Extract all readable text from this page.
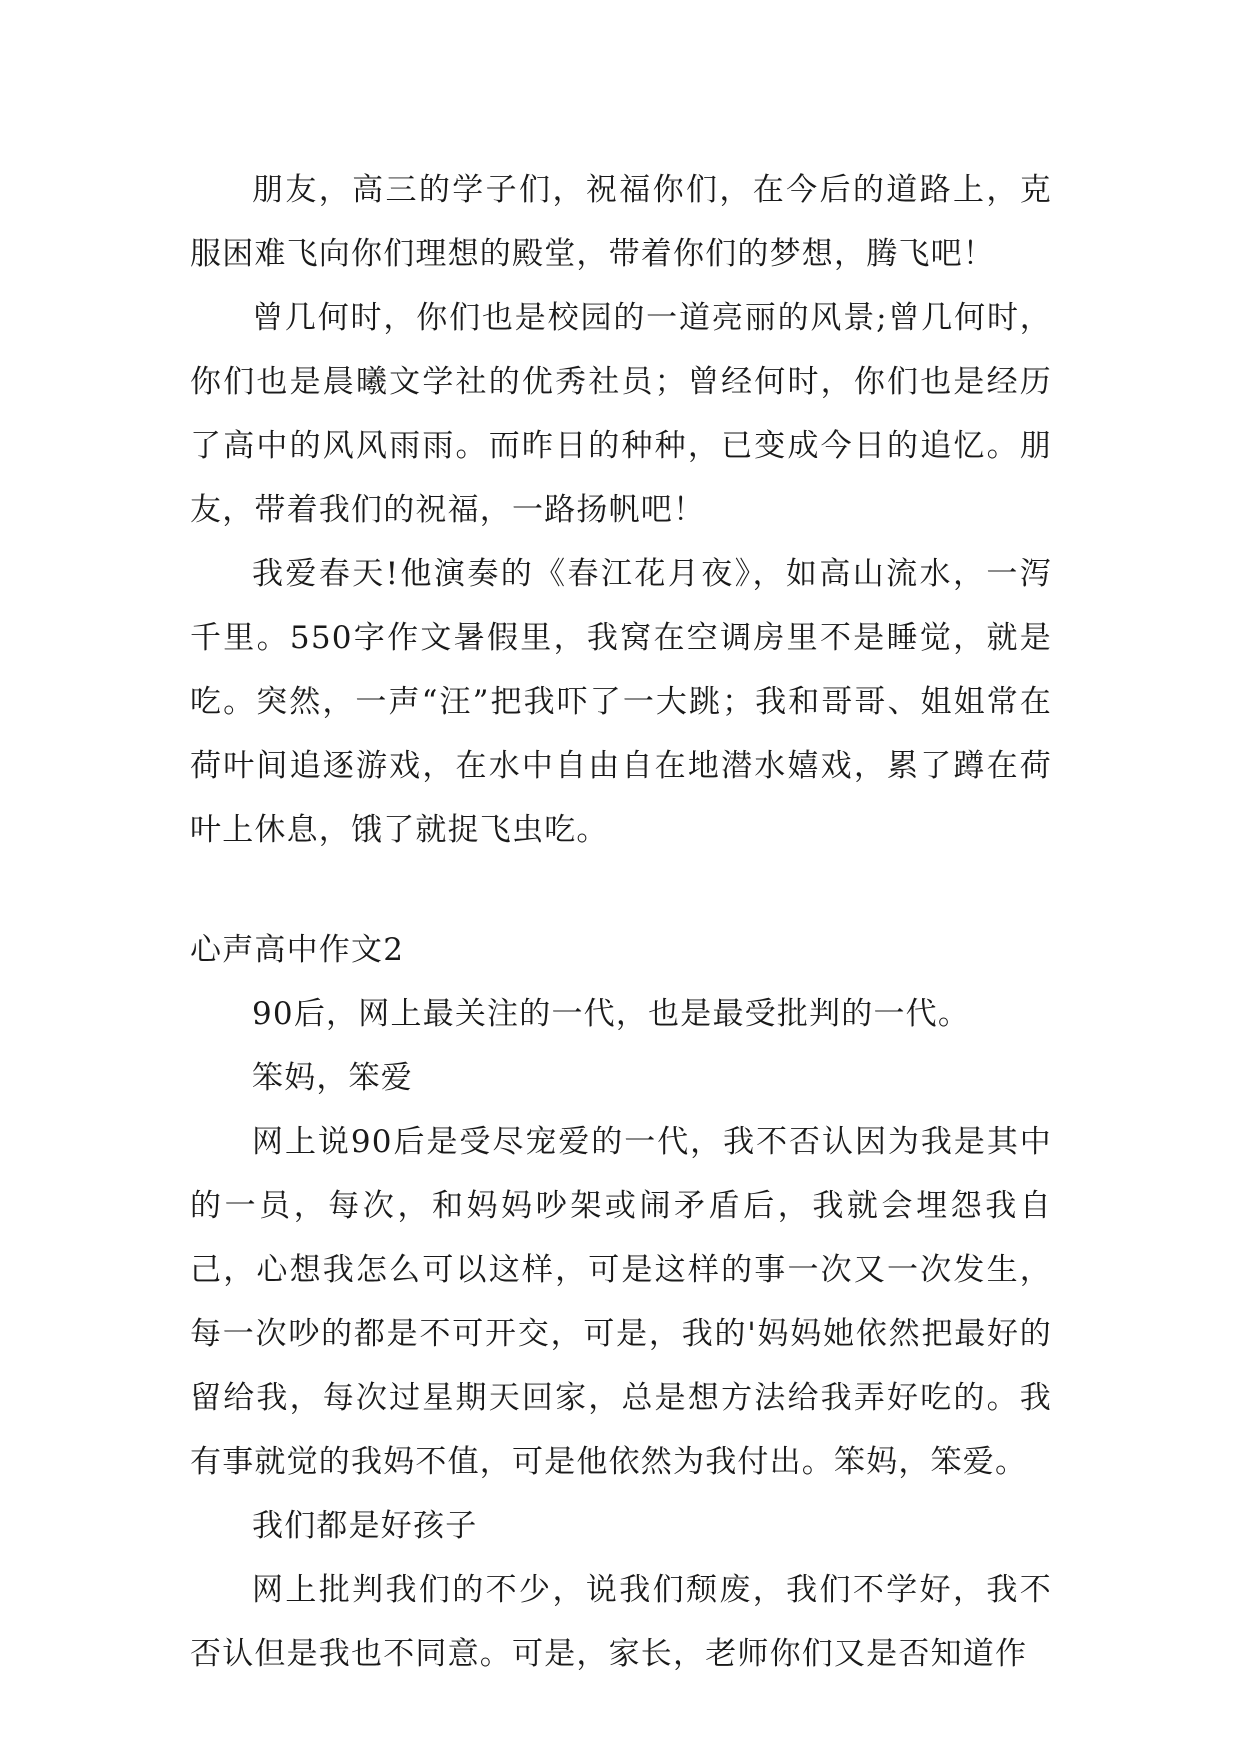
朋友，高三的学子们，祝福你们，在今后的道路上，克服困难飞向你们理想的殿堂，带着你们的梦想，腾飞吧！

曾几何时，你们也是校园的一道亮丽的风景;曾几何时，你们也是晨曦文学社的优秀社员；曾经何时，你们也是经历了高中的风风雨雨。而昨日的种种，已变成今日的追忆。朋友，带着我们的祝福，一路扬帆吧！

我爱春天!他演奏的《春江花月夜》，如高山流水，一泻千里。550字作文暑假里，我窝在空调房里不是睡觉，就是吃。突然，一声“汪”把我吓了一大跳；我和哥哥、姐姐常在荷叶间追逐游戏，在水中自由自在地潜水嬉戏，累了蹲在荷叶上休息，饿了就捉飞虫吃。

心声高中作文2

90后，网上最关注的一代，也是最受批判的一代。

笨妈，笨爱

网上说90后是受尽宠爱的一代，我不否认因为我是其中的一员，每次，和妈妈吵架或闹矛盾后，我就会埋怨我自己，心想我怎么可以这样，可是这样的事一次又一次发生，每一次吵的都是不可开交，可是，我的'妈妈她依然把最好的留给我，每次过星期天回家，总是想方法给我弄好吃的。我有事就觉的我妈不值，可是他依然为我付出。笨妈，笨爱。

我们都是好孩子

网上批判我们的不少，说我们颓废，我们不学好，我不否认但是我也不同意。可是，家长，老师你们又是否知道作
